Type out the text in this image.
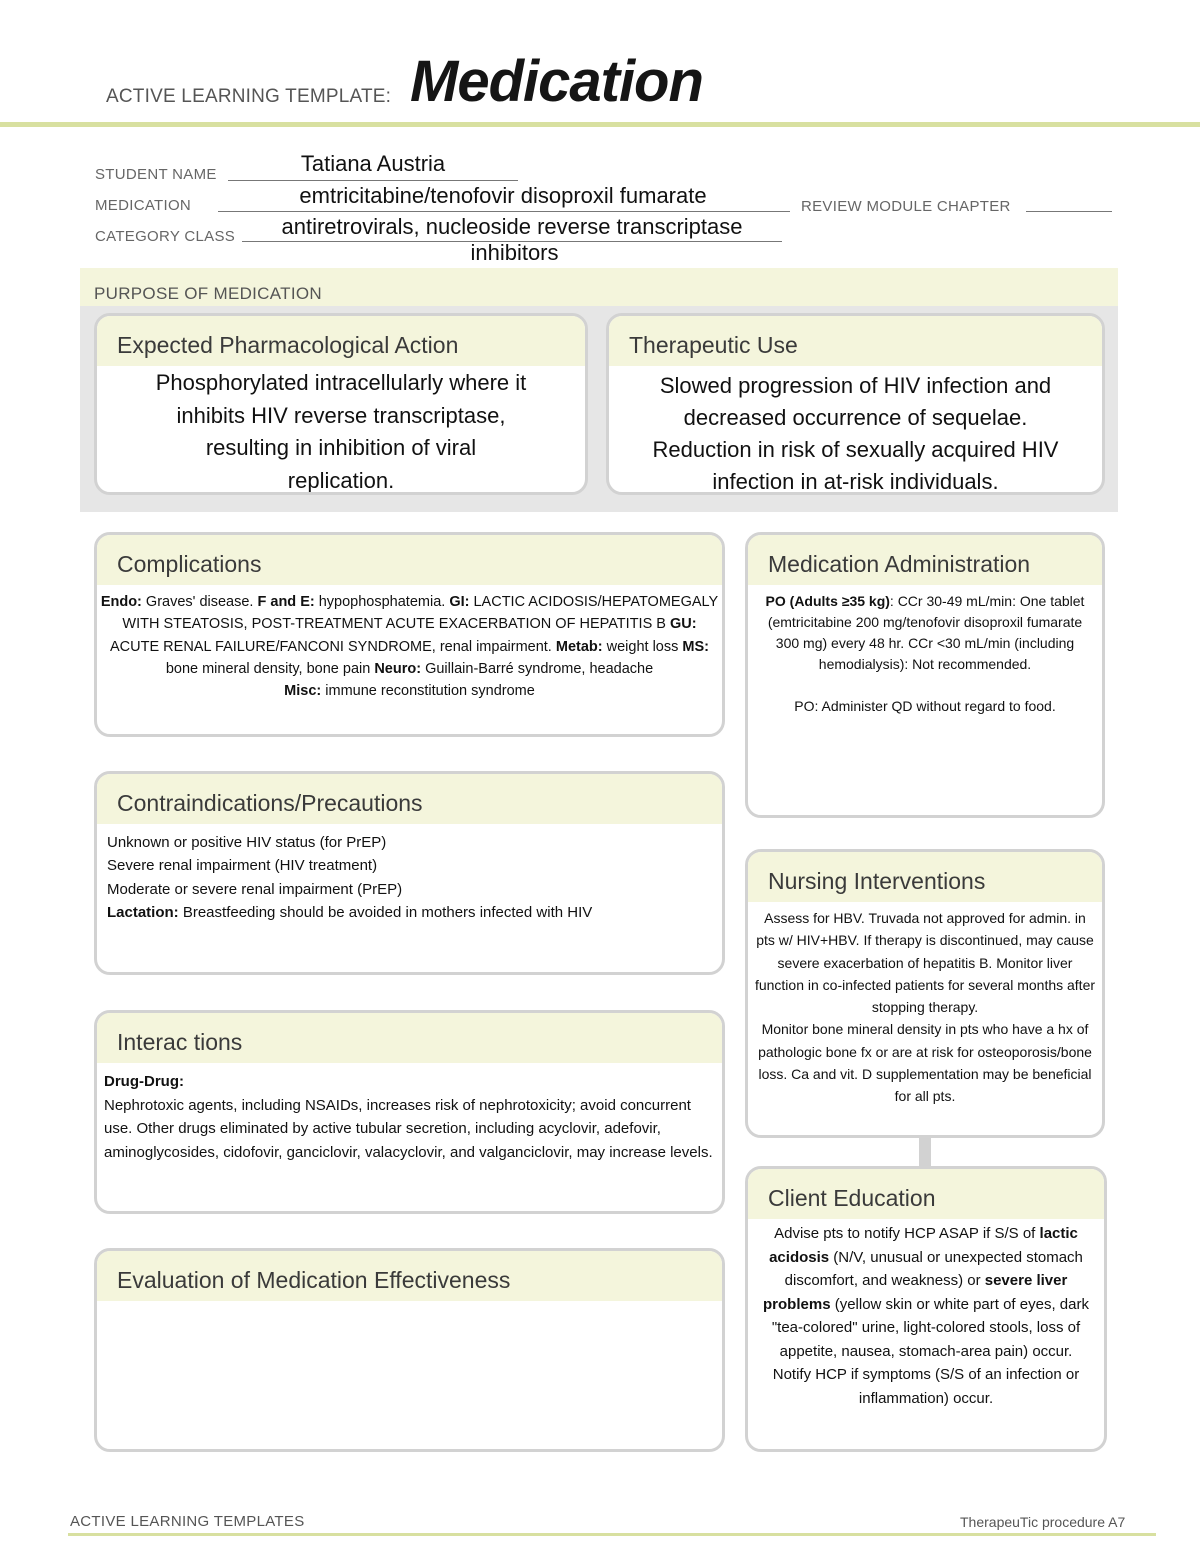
ACTIVE LEARNING TEMPLATE: Medication
STUDENT NAME	Tatiana Austria
MEDICATION	emtricitabine/tenofovir disoproxil fumarate	REVIEW MODULE CHAPTER
CATEGORY CLASS	antiretrovirals, nucleoside reverse transcriptase
inhibitors
PURPOSE OF MEDICATION
Expected Pharmacological Action
Phosphorylated intracellularly where it
inhibits HIV reverse transcriptase,
resulting in inhibition of viral
replication.
Therapeutic Use
Slowed progression of HIV infection and
decreased occurrence of sequelae.
Reduction in risk of sexually acquired HIV
infection in at-risk individuals.
Complications
Endo: Graves' disease. F and E: hypophosphatemia. GI: LACTIC ACIDOSIS/HEPATOMEGALY WITH STEATOSIS, POST-TREATMENT ACUTE EXACERBATION OF HEPATITIS B GU: ACUTE RENAL FAILURE/FANCONI SYNDROME, renal impairment. Metab: weight loss MS: bone mineral density, bone pain Neuro: Guillain-Barré syndrome, headache
Misc: immune reconstitution syndrome
Medication Administration
PO (Adults ≥35 kg): CCr 30-49 mL/min: One tablet (emtricitabine 200 mg/tenofovir disoproxil fumarate 300 mg) every 48 hr. CCr <30 mL/min (including hemodialysis): Not recommended.
PO: Administer QD without regard to food.
Contraindications/Precautions
Unknown or positive HIV status (for PrEP)
Severe renal impairment (HIV treatment)
Moderate or severe renal impairment (PrEP)
Lactation: Breastfeeding should be avoided in mothers infected with HIV
Nursing Interventions
Assess for HBV. Truvada not approved for admin. in pts w/ HIV+HBV. If therapy is discontinued, may cause severe exacerbation of hepatitis B. Monitor liver function in co-infected patients for several months after stopping therapy.
Monitor bone mineral density in pts who have a hx of pathologic bone fx or are at risk for osteoporosis/bone loss. Ca and vit. D supplementation may be beneficial for all pts.
Interac tions
Drug-Drug:
Nephrotoxic agents, including NSAIDs, increases risk of nephrotoxicity; avoid concurrent use. Other drugs eliminated by active tubular secretion, including acyclovir, adefovir, aminoglycosides, cidofovir, ganciclovir, valacyclovir, and valganciclovir, may increase levels.
Client Education
Advise pts to notify HCP ASAP if S/S of lactic acidosis (N/V, unusual or unexpected stomach discomfort, and weakness) or severe liver problems (yellow skin or white part of eyes, dark "tea-colored" urine, light-colored stools, loss of appetite, nausea, stomach-area pain) occur.
Notify HCP if symptoms (S/S of an infection or inflammation) occur.
Evaluation of Medication Effectiveness
ACTIVE LEARNING TEMPLATES	TherapeuTic procedure A7
